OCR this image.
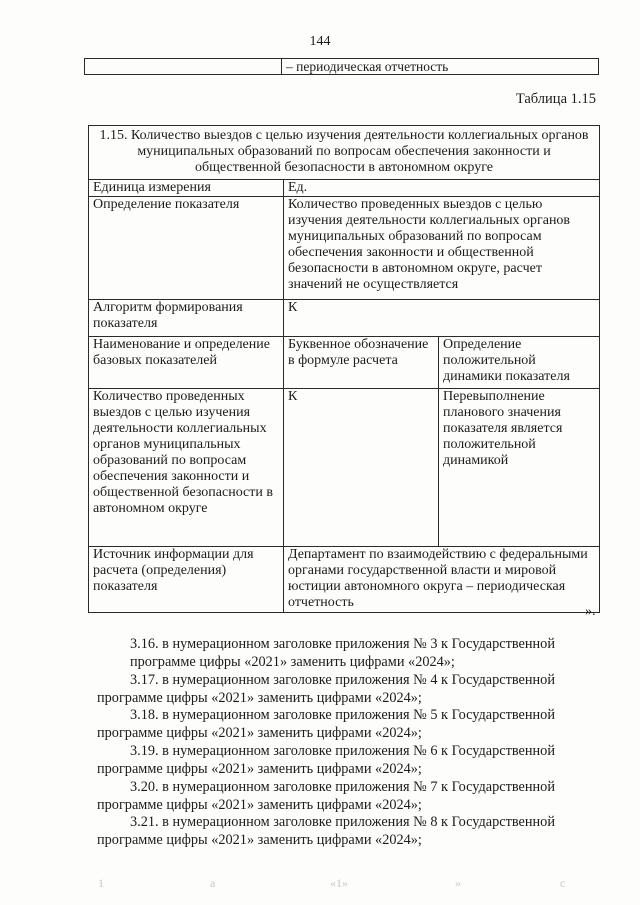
144
	– периодическая отчетность
Таблица 1.15
1.15. Количество выездов с целью изучения деятельности коллегиальных органов муниципальных образований по вопросам обеспечения законности и общественной безопасности в автономном округе		
Единица измерения	Ед.	
Определение показателя	Количество проведенных выездов с целью изучения деятельности коллегиальных органов муниципальных образований по вопросам обеспечения законности и общественной безопасности в автономном округе, расчет значений не осуществляется	
Алгоритм формирования показателя	К	
Наименование и определение базовых показателей	Буквенное обозначение в формуле расчета	Определение положительной динамики показателя
Количество проведенных выездов с целью изучения деятельности коллегиальных органов муниципальных образований по вопросам обеспечения законности и общественной безопасности в автономном округе	К	Перевыполнение планового значения показателя является положительной динамикой
Источник информации для расчета (определения) показателя	Департамент по взаимодействию с федеральными органами государственной власти и мировой юстиции автономного округа – периодическая отчетность	
».
3.16. в нумерационном заголовке приложения № 3 к Государственной
программе цифры «2021» заменить цифрами «2024»;
3.17. в нумерационном заголовке приложения № 4 к Государственной
программе цифры «2021» заменить цифрами «2024»;
3.18. в нумерационном заголовке приложения № 5 к Государственной
программе цифры «2021» заменить цифрами «2024»;
3.19. в нумерационном заголовке приложения № 6 к Государственной
программе цифры «2021» заменить цифрами «2024»;
3.20. в нумерационном заголовке приложения № 7 к Государственной
программе цифры «2021» заменить цифрами «2024»;
3.21. в нумерационном заголовке приложения № 8 к Государственной
программе цифры «2021» заменить цифрами «2024»;
1	а	«1»	»	с
